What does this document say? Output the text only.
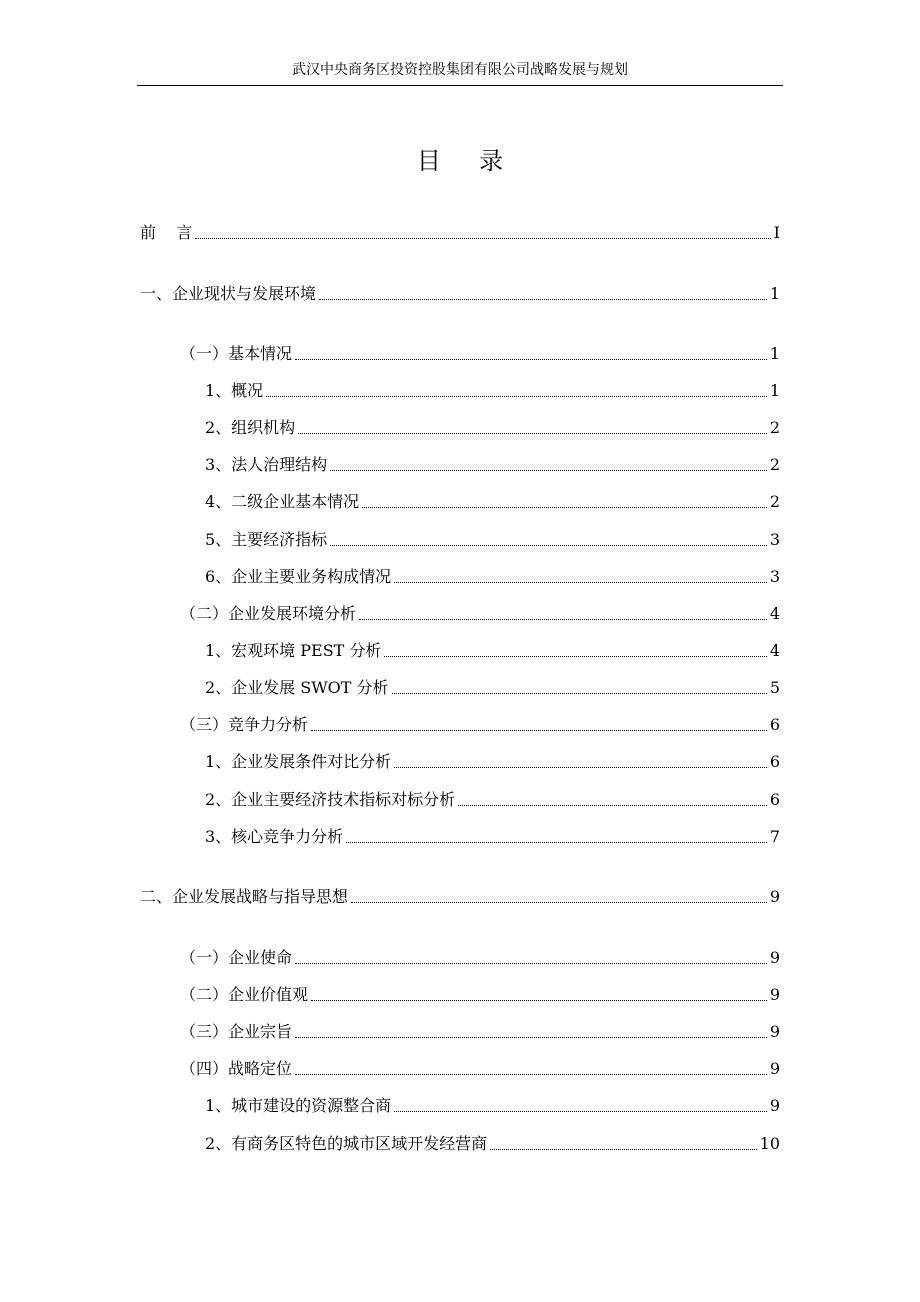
武汉中央商务区投资控股集团有限公司战略发展与规划
目     录
前    言	I
一、企业现状与发展环境	1
（一）基本情况	1
1、概况	1
2、组织机构	2
3、法人治理结构	2
4、二级企业基本情况	2
5、主要经济指标	3
6、企业主要业务构成情况	3
（二）企业发展环境分析	4
1、宏观环境 PEST 分析	4
2、企业发展 SWOT 分析	5
（三）竞争力分析	6
1、企业发展条件对比分析	6
2、企业主要经济技术指标对标分析	6
3、核心竞争力分析	7
二、企业发展战略与指导思想	9
（一）企业使命	9
（二）企业价值观	9
（三）企业宗旨	9
（四）战略定位	9
1、城市建设的资源整合商	9
2、有商务区特色的城市区域开发经营商	10
